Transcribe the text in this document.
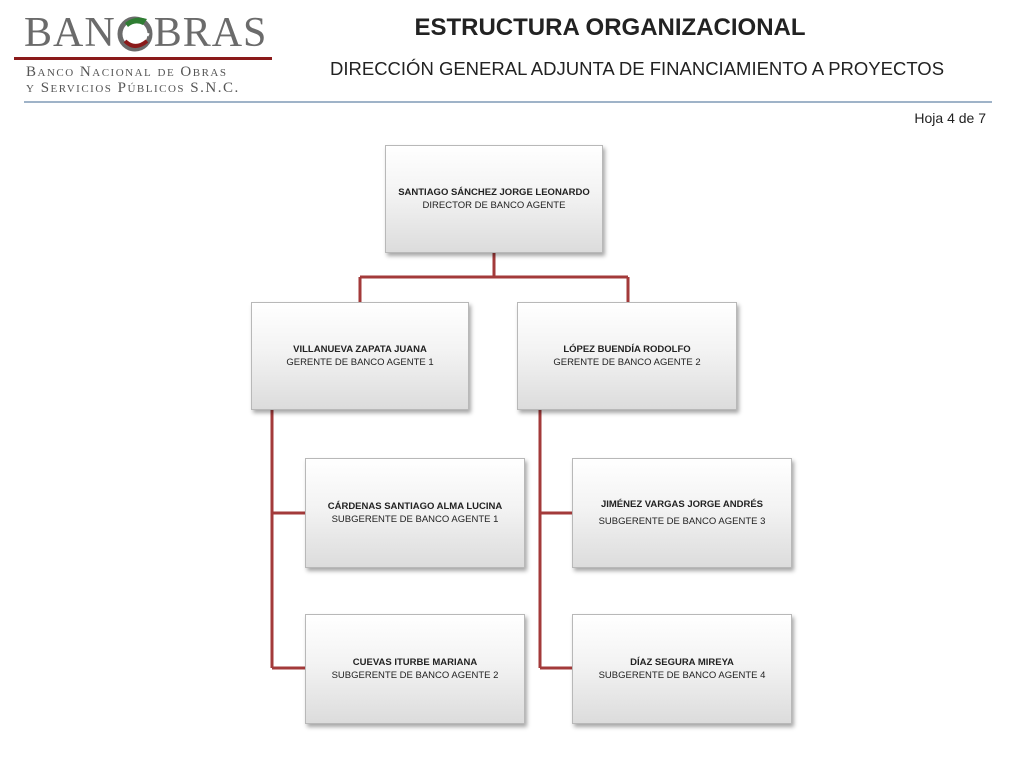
BAN BRAS
Banco Nacional de Obras
y Servicios Públicos S.N.C.
ESTRUCTURA ORGANIZACIONAL
DIRECCIÓN GENERAL ADJUNTA DE FINANCIAMIENTO A PROYECTOS
Hoja 4 de 7
SANTIAGO SÁNCHEZ JORGE LEONARDO
DIRECTOR DE BANCO AGENTE
VILLANUEVA ZAPATA JUANA
GERENTE DE BANCO AGENTE 1
LÓPEZ BUENDÍA RODOLFO
GERENTE DE BANCO AGENTE 2
CÁRDENAS SANTIAGO ALMA LUCINA
SUBGERENTE DE BANCO AGENTE 1
CUEVAS ITURBE MARIANA
SUBGERENTE DE BANCO AGENTE 2
JIMÉNEZ VARGAS JORGE ANDRÉS
SUBGERENTE DE BANCO AGENTE 3
DÍAZ SEGURA MIREYA
SUBGERENTE DE BANCO AGENTE 4
